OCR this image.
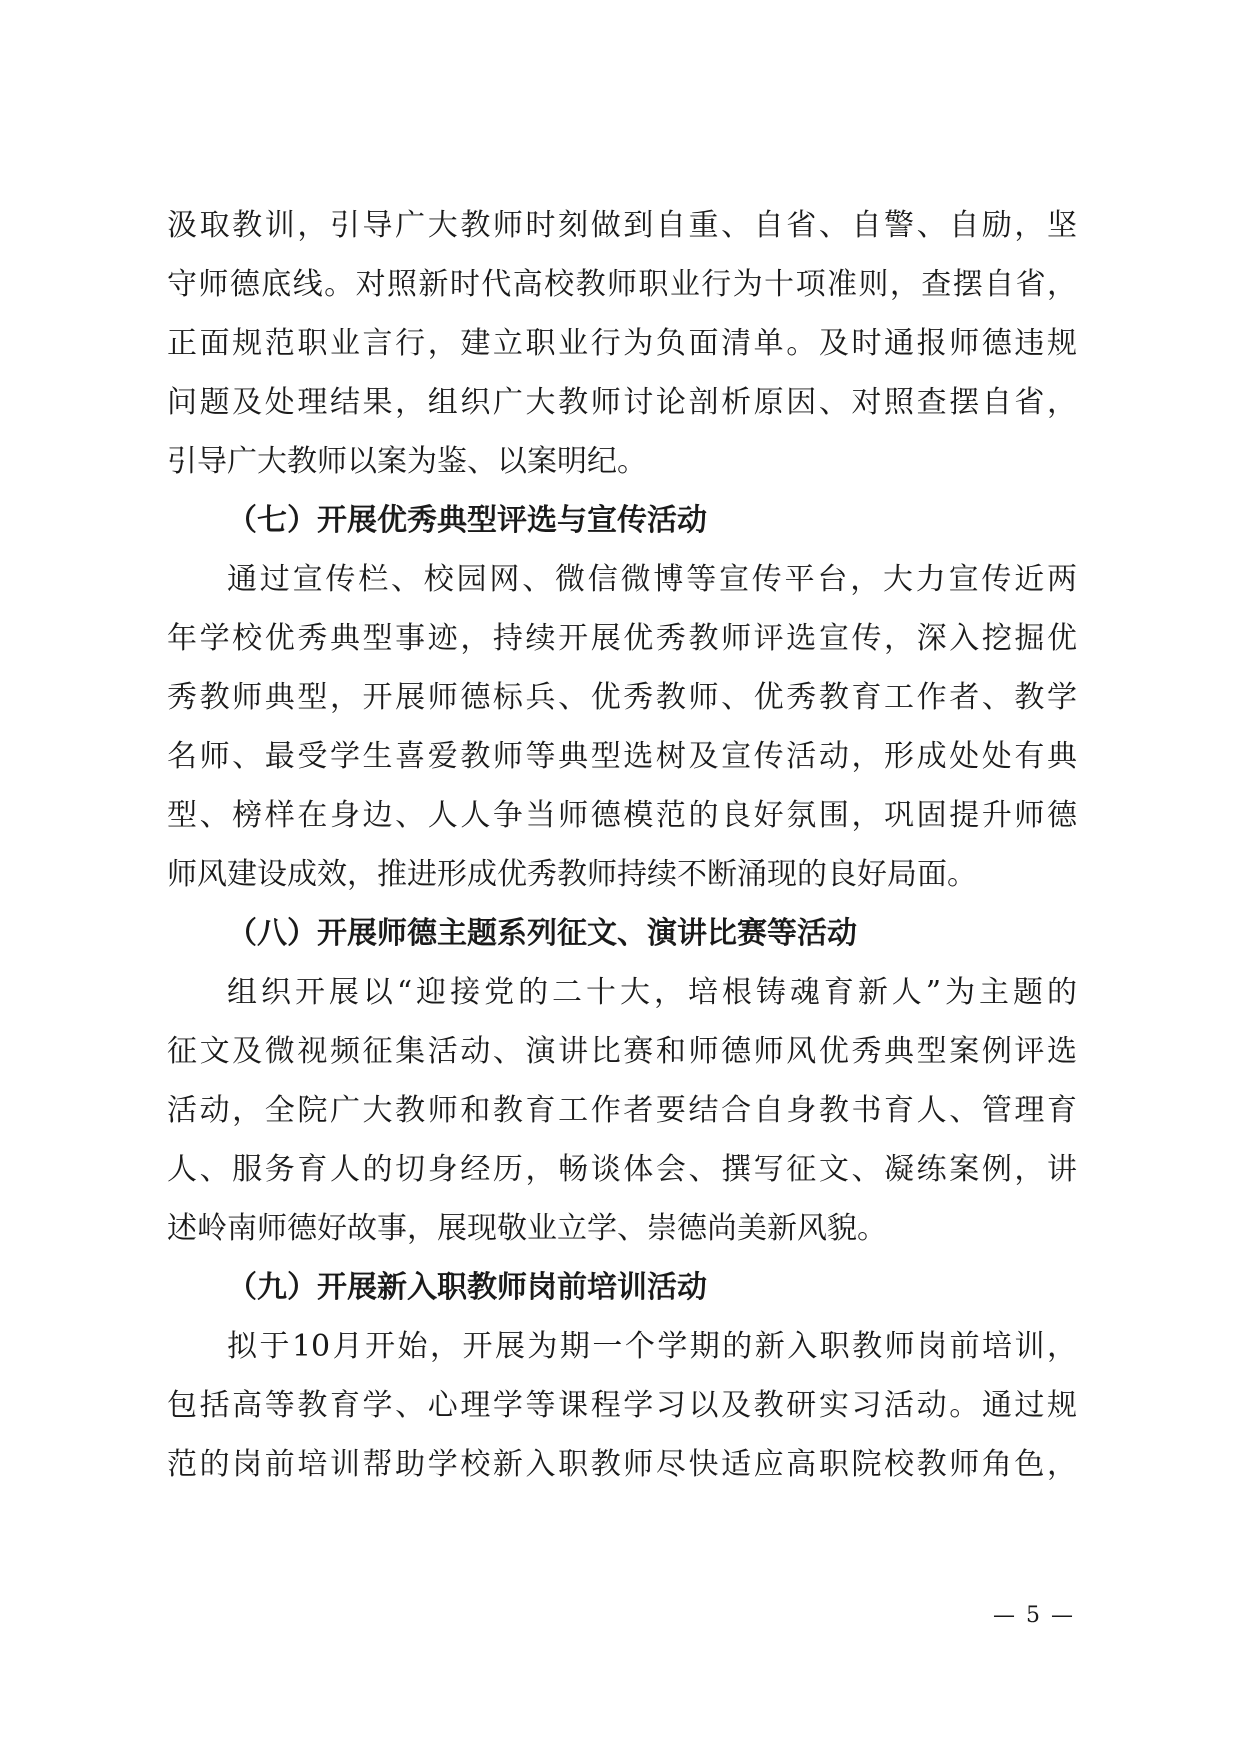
汲取教训，引导广大教师时刻做到自重、自省、自警、自励，坚
守师德底线。对照新时代高校教师职业行为十项准则，查摆自省，
正面规范职业言行，建立职业行为负面清单。及时通报师德违规
问题及处理结果，组织广大教师讨论剖析原因、对照查摆自省，
引导广大教师以案为鉴、以案明纪。
（七）开展优秀典型评选与宣传活动
通过宣传栏、校园网、微信微博等宣传平台，大力宣传近两
年学校优秀典型事迹，持续开展优秀教师评选宣传，深入挖掘优
秀教师典型，开展师德标兵、优秀教师、优秀教育工作者、教学
名师、最受学生喜爱教师等典型选树及宣传活动，形成处处有典
型、榜样在身边、人人争当师德模范的良好氛围，巩固提升师德
师风建设成效，推进形成优秀教师持续不断涌现的良好局面。
（八）开展师德主题系列征文、演讲比赛等活动
组织开展以“迎接党的二十大，培根铸魂育新人”为主题的
征文及微视频征集活动、演讲比赛和师德师风优秀典型案例评选
活动，全院广大教师和教育工作者要结合自身教书育人、管理育
人、服务育人的切身经历，畅谈体会、撰写征文、凝练案例，讲
述岭南师德好故事，展现敬业立学、崇德尚美新风貌。
（九）开展新入职教师岗前培训活动
拟于10月开始，开展为期一个学期的新入职教师岗前培训，
包括高等教育学、心理学等课程学习以及教研实习活动。通过规
范的岗前培训帮助学校新入职教师尽快适应高职院校教师角色，
— 5 —
